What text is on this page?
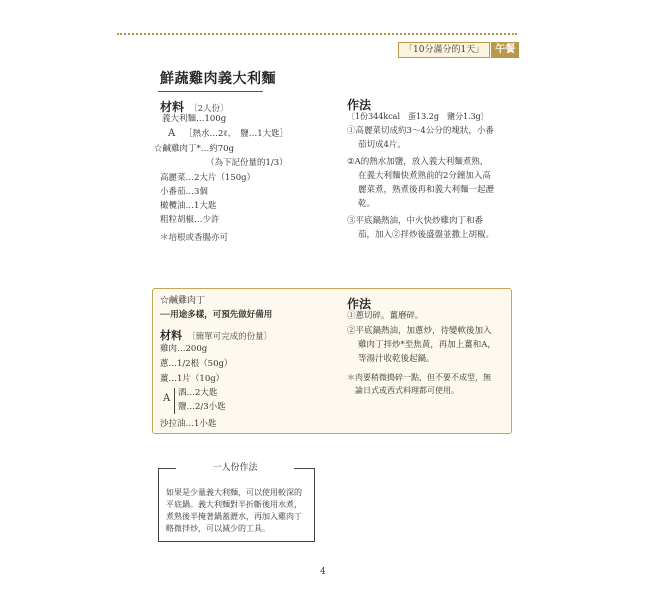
「10分滿分的1天」	午餐
鮮蔬雞肉義大利麵
材料 〔2人份〕
義大利麵…100g
A ［熱水…2ℓ、　鹽…1大匙］
☆鹹雞肉丁*…約70g
（為下記份量的1/3）
高麗菜…2大片（150g）
小番茄…3個
橄欖油…1大匙
粗粒胡椒…少許
＊培根或香腸亦可
作法
〔1份344kcal　蛋13.2g　鹽分1.3g〕
①高麗菜切成約3～4公分的塊狀，小番
茄切成4片。
②A的熱水加鹽，放入義大利麵煮熟，
在義大利麵快煮熟前的2分鐘加入高
麗菜煮，熟煮後再和義大利麵一起瀝
乾。
③平底鍋熱油，中火快炒雞肉丁和番
茄，加入②拌炒後盛盤並撒上胡椒。
☆鹹雞肉丁
──用途多樣，可預先做好備用
材料 〔簡單可完成的份量〕
雞肉…200g
蔥…1/2根（50g）
薑…1片（10g）
A 酒…2大匙
鹽…2/3小匙
沙拉油…1小匙
作法
①蔥切碎。薑磨碎。
②平底鍋熱油，加蔥炒，待變軟後加入
雞肉丁拌炒*至焦黃，再加上薑和A，
等湯汁收乾後起鍋。
＊肉要稍微搗碎一點，但不要不成型，無
論日式或西式料理都可使用。
一人份作法
如果是少量義大利麵，可以使用較深的平底鍋。義大利麵對半折斷後用水煮，煮熟後半掩著鍋蓋瀝水，再加入雞肉丁略微拌炒，可以減少的工具。
4
